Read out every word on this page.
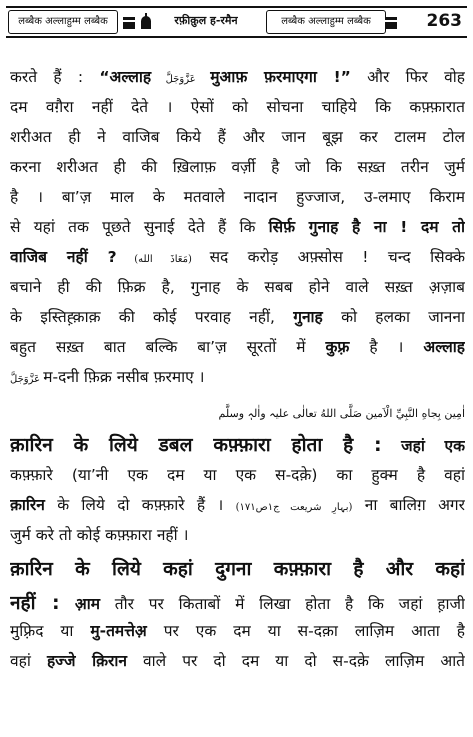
लब्बैक अल्लाहुम्म लब्बैक	रफ़ीक़ुल ह-रमैन	लब्बैक अल्लाहुम्म लब्बैक	263
करते हैं : “अल्लाह عَزَّوَجَلَّ मुआफ़ फ़रमाएगा !” और फिर वोह
दम वग़ैरा नहीं देते । ऐसों को सोचना चाहिये कि कफ़्फ़ारात
शरीअत ही ने वाजिब किये हैं और जान बूझ कर टालम टोल
करना शरीअत ही की ख़िलाफ़ वर्ज़ी है जो कि सख़्त तरीन जुर्म
है । बा’ज़ माल के मतवाले नादान हुज्जाज, उ-लमाए किराम
से यहां तक पूछते सुनाई देते हैं कि सिर्फ़ गुनाह है ना ! दम तो
वाजिब नहीं ? (مَعَاذَ الله) सद करोड़ अफ़्सोस ! चन्द सिक्के
बचाने ही की फ़िक्र है, गुनाह के सबब होने वाले सख़्त अ़ज़ाब
के इस्तिह़्क़ाक़ की कोई परवाह नहीं, गुनाह को हलका जानना
बहुत सख़्त बात बल्कि बा’ज़ सूरतों में कुफ़्र है । अल्लाह
عَزَّوَجَلَّ म-दनी फ़िक्र नसीब फ़रमाए ।
اٰمِين بِجاهِ النَّبِيِّ الْاَمين صَلَّى اللهُ تعالٰی علیہ واٰلہٖ وسلَّم
क़ारिन के लिये डबल कफ़्फ़ारा होता है : जहां एक
कफ़्फ़ारे (या’नी एक दम या एक स-दक़े) का हुक्म है वहां
क़ारिन के लिये दो कफ़्फ़ारे हैं । (بہارِ شریعت ج١ص١٧١) ना बालिग़ अगर
जुर्म करे तो कोई कफ़्फ़ारा नहीं ।
क़ारिन के लिये कहां दुगना कफ़्फ़ारा है और कहां
नहीं : आ़म तौर पर किताबों में लिखा होता है कि जहां ह़ाजी
मुफ़्रिद या मु-तमत्तेअ़ पर एक दम या स-दक़ा लाज़िम आता है
वहां हज्जे क़िरान वाले पर दो दम या दो स-दक़े लाज़िम आते
